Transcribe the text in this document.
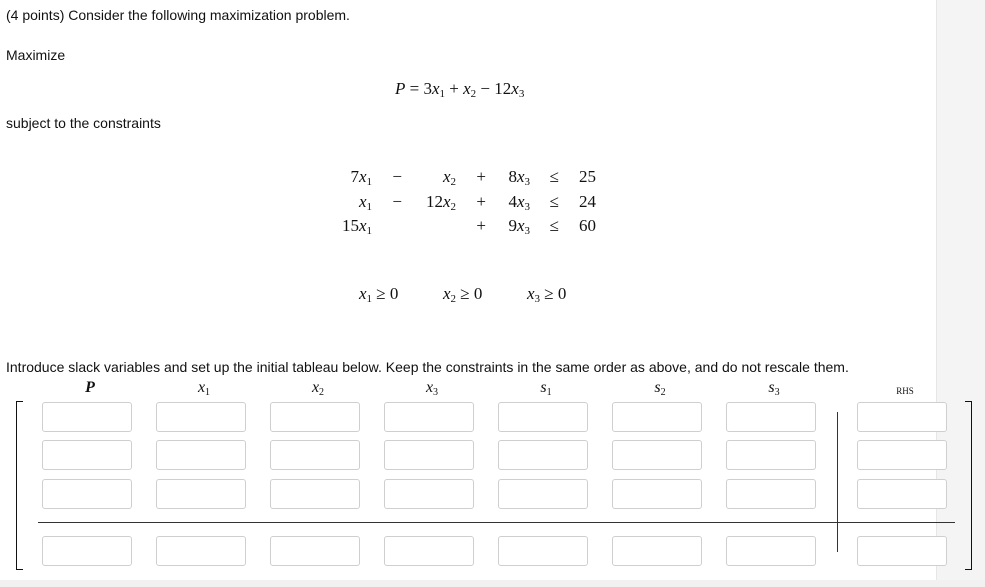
(4 points) Consider the following maximization problem.
Maximize
$P = 3x_1 + x_2 - 12x_3$
subject to the constraints
$7x_1 - x_2 + 8x_3 \le 25$
$x_1 - 12x_2 + 4x_3 \le 24$
$15x_1$	+ $9x_3 \le 60$
$x_1 \ge 0$	$x_2 \ge 0$	$x_3 \ge 0$
Introduce slack variables and set up the initial tableau below. Keep the constraints in the same order as above, and do not rescale them.
P	$x_1$	$x_2$	$x_3$	$s_1$	$s_2$	$s_3$	RHS
